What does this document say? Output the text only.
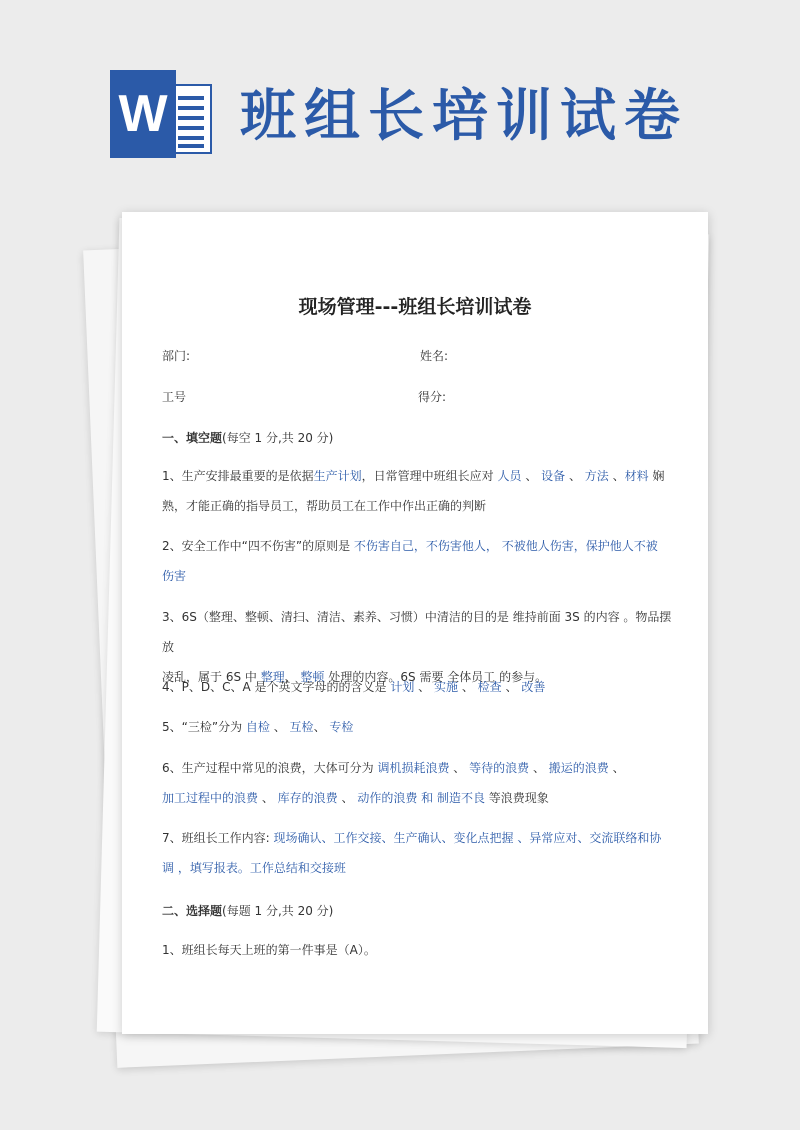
W 班组长培训试卷
现场管理---班组长培训试卷
部门:	姓名:
工号	得分:
一、填空题(每空 1 分,共 20 分)
1、生产安排最重要的是依据生产计划，日常管理中班组长应对 人员 、 设备 、 方法 、材料 娴
熟，才能正确的指导员工，帮助员工在工作中作出正确的判断
2、安全工作中“四不伤害”的原则是 不伤害自己，不伤害他人， 不被他人伤害，保护他人不被
伤害
3、6S（整理、整顿、清扫、清洁、素养、习惯）中清洁的目的是 维持前面 3S 的内容 。物品摆放
凌乱，属于 6S 中 整理、 整顿 处理的内容。6S 需要 全体员工 的参与。
4、P、D、C、A 是个英文字母的的含义是 计划 、 实施 、 检查 、 改善
5、“三检”分为 自检 、 互检、 专检
6、生产过程中常见的浪费，大体可分为 调机损耗浪费 、 等待的浪费 、 搬运的浪费 、
加工过程中的浪费 、 库存的浪费 、 动作的浪费 和 制造不良 等浪费现象
7、班组长工作内容: 现场确认、工作交接、生产确认、变化点把握 、异常应对、交流联络和协
调 ，填写报表。工作总结和交接班
二、选择题(每题 1 分,共 20 分)
1、班组长每天上班的第一件事是（A）。
